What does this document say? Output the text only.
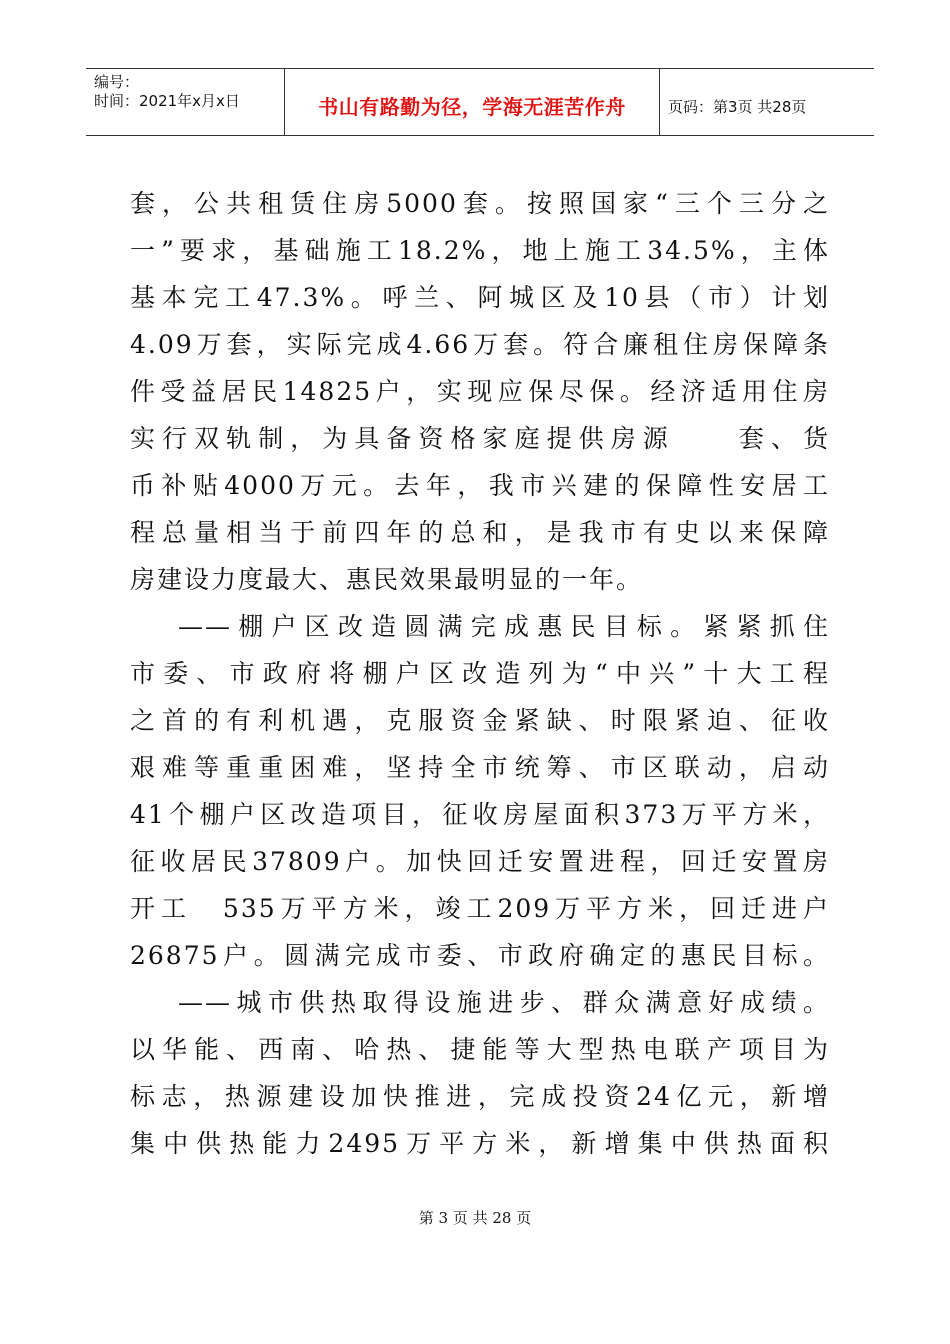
编号：
时间：2021年x月x日	书山有路勤为径，学海无涯苦作舟	页码：第3页 共28页
套，公共租赁住房5000套。按照国家“三个三分之
一”要求，基础施工18.2%，地上施工34.5%，主体
基本完工47.3%。呼兰、阿城区及10县（市）计划
4.09万套，实际完成4.66万套。符合廉租住房保障条
件受益居民14825户，实现应保尽保。经济适用住房
实行双轨制，为具备资格家庭提供房源　　套、货
币补贴4000万元。去年，我市兴建的保障性安居工
程总量相当于前四年的总和，是我市有史以来保障
房建设力度最大、惠民效果最明显的一年。
——棚户区改造圆满完成惠民目标。紧紧抓住
市委、市政府将棚户区改造列为“中兴”十大工程
之首的有利机遇，克服资金紧缺、时限紧迫、征收
艰难等重重困难，坚持全市统筹、市区联动，启动
41个棚户区改造项目，征收房屋面积373万平方米，
征收居民37809户。加快回迁安置进程，回迁安置房
开工　535万平方米，竣工209万平方米，回迁进户
26875户。圆满完成市委、市政府确定的惠民目标。
——城市供热取得设施进步、群众满意好成绩。
以华能、西南、哈热、捷能等大型热电联产项目为
标志，热源建设加快推进，完成投资24亿元，新增
集中供热能力2495万平方米，新增集中供热面积
第 3 页 共 28 页
